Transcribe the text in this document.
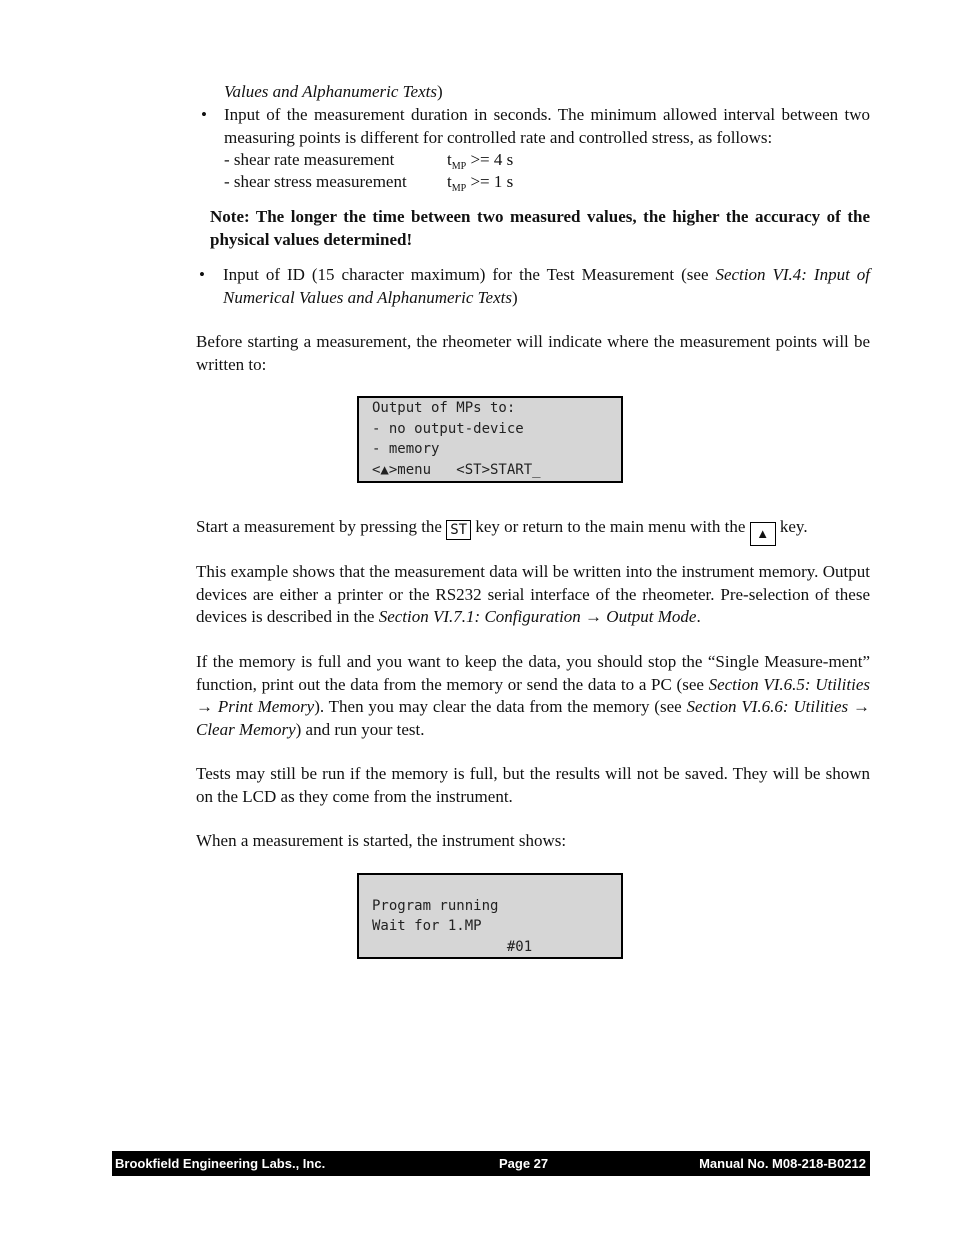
Values and Alphanumeric Texts)
• Input of the measurement duration in seconds. The minimum allowed interval between two measuring points is different for controlled rate and controlled stress, as follows:
- shear rate measurement	$t_{MP} >= 4$ s
- shear stress measurement $t_{MP} >= 1$ s
Note: The longer the time between two measured values, the higher the accuracy of the physical values determined!
• Input of ID (15 character maximum) for the Test Measurement (see Section VI.4: Input of Numerical Values and Alphanumeric Texts)
Before starting a measurement, the rheometer will indicate where the measurement points will be written to:
Output of MPs to:
- no output-device
- memory
<▲>menu   <ST>START_
Start a measurement by pressing the ST key or return to the main menu with the ▲ key.
This example shows that the measurement data will be written into the instrument memory. Output devices are either a printer or the RS232 serial interface of the rheometer. Pre-selection of these devices is described in the Section VI.7.1: Configuration → Output Mode.
If the memory is full and you want to keep the data, you should stop the “Single Measure-ment” function, print out the data from the memory or send the data to a PC (see Section VI.6.5: Utilities → Print Memory). Then you may clear the data from the memory (see Section VI.6.6: Utilities → Clear Memory) and run your test.
Tests may still be run if the memory is full, but the results will not be saved. They will be shown on the LCD as they come from the instrument.
When a measurement is started, the instrument shows:
Program running
Wait for 1.MP
#01
Brookfield Engineering Labs., Inc.	Page 27	Manual No. M08-218-B0212
